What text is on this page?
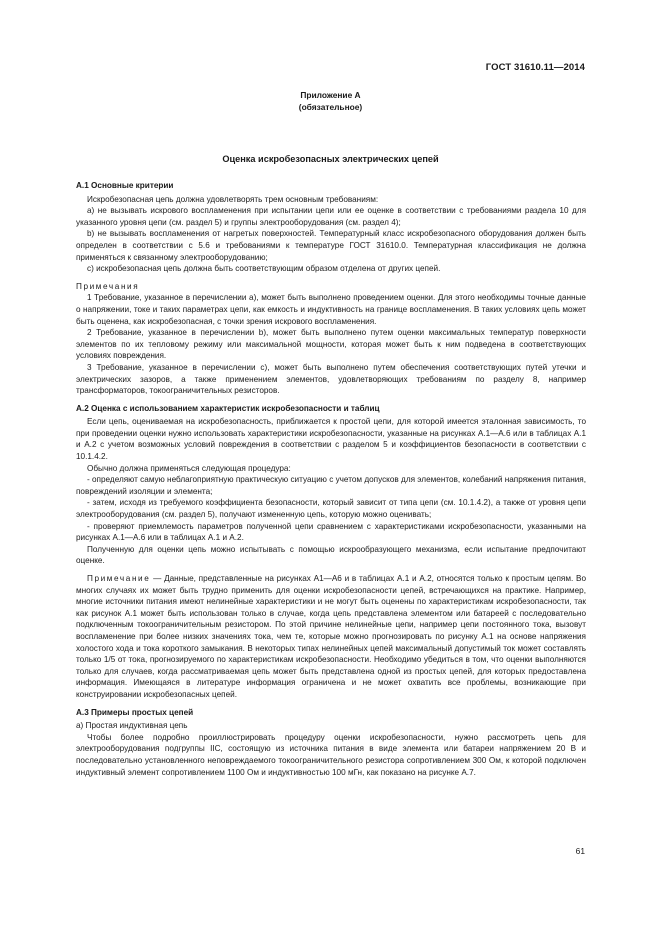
ГОСТ 31610.11—2014
Приложение А
(обязательное)
Оценка искробезопасных электрических цепей

А.1 Основные критерии

Искробезопасная цепь должна удовлетворять трем основным требованиям:

а) не вызывать искрового воспламенения при испытании цепи или ее оценке в соответствии с требованиями раздела 10 для указанного уровня цепи (см. раздел 5) и группы электрооборудования (см. раздел 4);

b) не вызывать воспламенения от нагретых поверхностей. Температурный класс искробезопасного оборудования должен быть определен в соответствии с 5.6 и требованиями к температуре ГОСТ 31610.0. Температурная классификация не должна применяться к связанному электрооборудованию;

с) искробезопасная цепь должна быть соответствующим образом отделена от других цепей.

Примечания

1 Требование, указанное в перечислении а), может быть выполнено проведением оценки. Для этого необходимы точные данные о напряжении, токе и таких параметрах цепи, как емкость и индуктивность на границе воспламенения. В таких условиях цепь может быть оценена, как искробезопасная, с точки зрения искрового воспламенения.

2 Требование, указанное в перечислении b), может быть выполнено путем оценки максимальных температур поверхности элементов по их тепловому режиму или максимальной мощности, которая может быть к ним подведена в соответствующих условиях повреждения.

3 Требование, указанное в перечислении с), может быть выполнено путем обеспечения соответствующих путей утечки и электрических зазоров, а также применением элементов, удовлетворяющих требованиям по разделу 8, например трансформаторов, токоограничительных резисторов.

А.2 Оценка с использованием характеристик искробезопасности и таблиц

Если цепь, оцениваемая на искробезопасность, приближается к простой цепи, для которой имеется эталонная зависимость, то при проведении оценки нужно использовать характеристики искробезопасности, указанные на рисунках А.1—А.6 или в таблицах А.1 и А.2 с учетом возможных условий повреждения в соответствии с разделом 5 и коэффициентов безопасности в соответствии с 10.1.4.2.

Обычно должна применяться следующая процедура:

- определяют самую неблагоприятную практическую ситуацию с учетом допусков для элементов, колебаний напряжения питания, повреждений изоляции и элемента;

- затем, исходя из требуемого коэффициента безопасности, который зависит от типа цепи (см. 10.1.4.2), а также от уровня цепи электрооборудования (см. раздел 5), получают измененную цепь, которую можно оценивать;

- проверяют приемлемость параметров полученной цепи сравнением с характеристиками искробезопасности, указанными на рисунках А.1—А.6 или в таблицах А.1 и А.2.

Полученную для оценки цепь можно испытывать с помощью искрообразующего механизма, если испытание предпочитают оценке.

Примечание — Данные, представленные на рисунках А1—А6 и в таблицах А.1 и А.2, относятся только к простым цепям. Во многих случаях их может быть трудно применить для оценки искробезопасности цепей, встречающихся на практике. Например, многие источники питания имеют нелинейные характеристики и не могут быть оценены по характеристикам искробезопасности, так как рисунок А.1 может быть использован только в случае, когда цепь представлена элементом или батареей с последовательно подключенным токоограничительным резистором. По этой причине нелинейные цепи, например цепи постоянного тока, вызовут воспламенение при более низких значениях тока, чем те, которые можно прогнозировать по рисунку А.1 на основе напряжения холостого хода и тока короткого замыкания. В некоторых типах нелинейных цепей максимальный допустимый ток может составлять только 1/5 от тока, прогнозируемого по характеристикам искробезопасности. Необходимо убедиться в том, что оценки выполняются только для случаев, когда рассматриваемая цепь может быть представлена одной из простых цепей, для которых предоставлена информация. Имеющаяся в литературе информация ограничена и не может охватить все проблемы, возникающие при конструировании искробезопасных цепей.

А.3 Примеры простых цепей

а) Простая индуктивная цепь

Чтобы более подробно проиллюстрировать процедуру оценки искробезопасности, нужно рассмотреть цепь для электрооборудования подгруппы IIC, состоящую из источника питания в виде элемента или батареи напряжением 20 В и последовательно установленного неповреждаемого токоограничительного резистора сопротивлением 300 Ом, к которой подключен индуктивный элемент сопротивлением 1100 Ом и индуктивностью 100 мГн, как показано на рисунке А.7.

61
